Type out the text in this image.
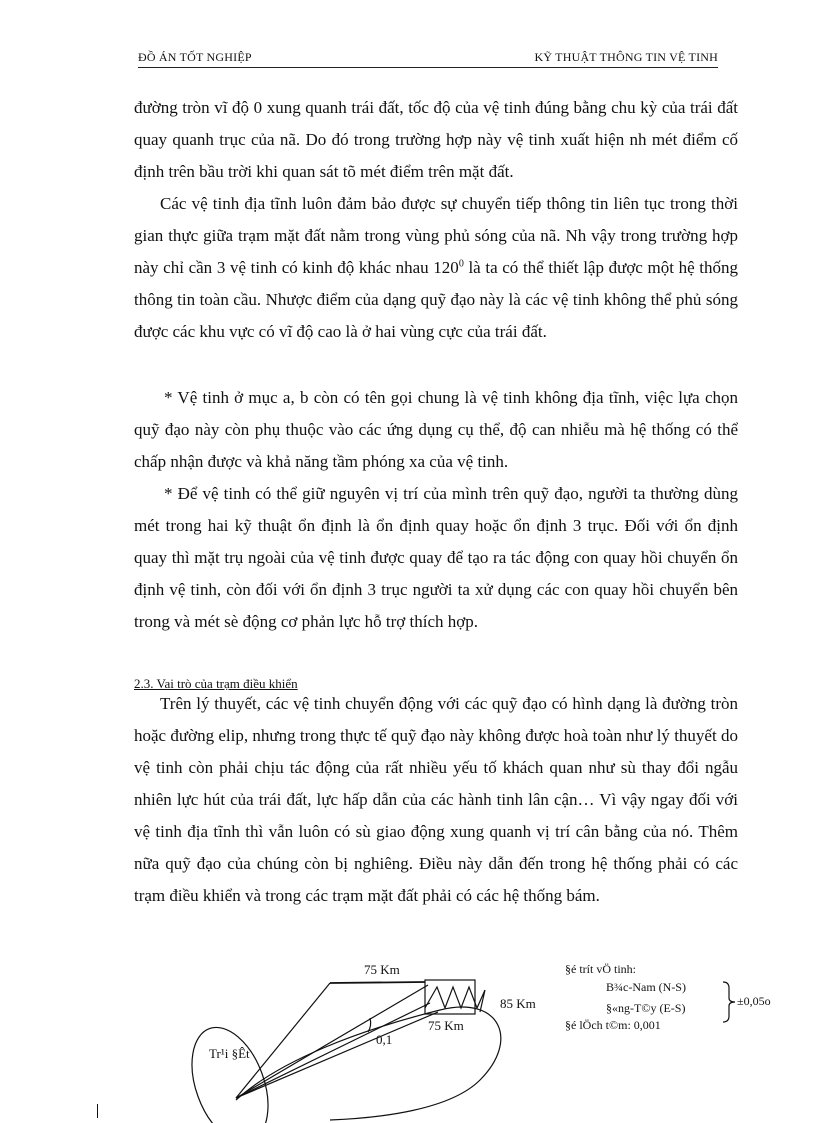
ĐỒ ÁN TỐT NGHIỆP	KỸ THUẬT THÔNG TIN VỆ TINH

đường tròn vĩ độ 0 xung quanh trái đất, tốc độ của vệ tinh đúng bằng chu kỳ của trái đất quay quanh trục của nã. Do đó trong trường hợp này vệ tinh xuất hiện nh mét điểm cố định trên bầu trời khi quan sát tõ mét điểm trên mặt đất.

Các vệ tinh địa tĩnh luôn đảm bảo được sự chuyển tiếp thông tin liên tục trong thời gian thực giữa trạm mặt đất nằm trong vùng phủ sóng của nã. Nh vậy trong trường hợp này chỉ cần 3 vệ tinh có kinh độ khác nhau $120^0$ là ta có thể thiết lập được một hệ thống thông tin toàn cầu. Nhược điểm của dạng quỹ đạo này là các vệ tinh không thể phủ sóng được các khu vực có vĩ độ cao là ở hai vùng cực của trái đất.

* Vệ tinh ở mục a, b còn có tên gọi chung là vệ tinh không địa tĩnh, việc lựa chọn quỹ đạo này còn phụ thuộc vào các ứng dụng cụ thể, độ can nhiễu mà hệ thống có thể chấp nhận được và khả năng tầm phóng xa của vệ tinh.

* Để vệ tinh có thể giữ nguyên vị trí của mình trên quỹ đạo, người ta thường dùng mét trong hai kỹ thuật ổn định là ổn định quay hoặc ổn định 3 trục. Đối với ổn định quay thì mặt trụ ngoài của vệ tinh được quay để tạo ra tác động con quay hồi chuyển ổn định vệ tinh, còn đối với ổn định 3 trục người ta xử dụng các con quay hồi chuyển bên trong và mét sè động cơ phản lực hỗ trợ thích hợp.

2.3. Vai trò của trạm điều khiển

Trên lý thuyết, các vệ tinh chuyển động với các quỹ đạo có hình dạng là đường tròn hoặc đường elip, nhưng trong thực tế quỹ đạo này không được hoà toàn như lý thuyết do vệ tinh còn phải chịu tác động của rất nhiều yếu tố khách quan như sù thay đổi ngẫu nhiên lực hút của trái đất, lực hấp dẫn của các hành tinh lân cận… Vì vậy ngay đối với vệ tinh địa tĩnh thì vẫn luôn có sù giao động xung quanh vị trí cân bằng của nó. Thêm nữa quỹ đạo của chúng còn bị nghiêng. Điều này dẫn đến trong hệ thống phải có các trạm điều khiển và trong các trạm mặt đất phải có các hệ thống bám.

75 Km
85 Km
75 Km
0,1
Tr¹i §Êt
§é trít vÖ tinh:
B¾c-Nam (N-S)
§«ng-T©y (E-S)	±0,05o
§é lÖch t©m: 0,001
